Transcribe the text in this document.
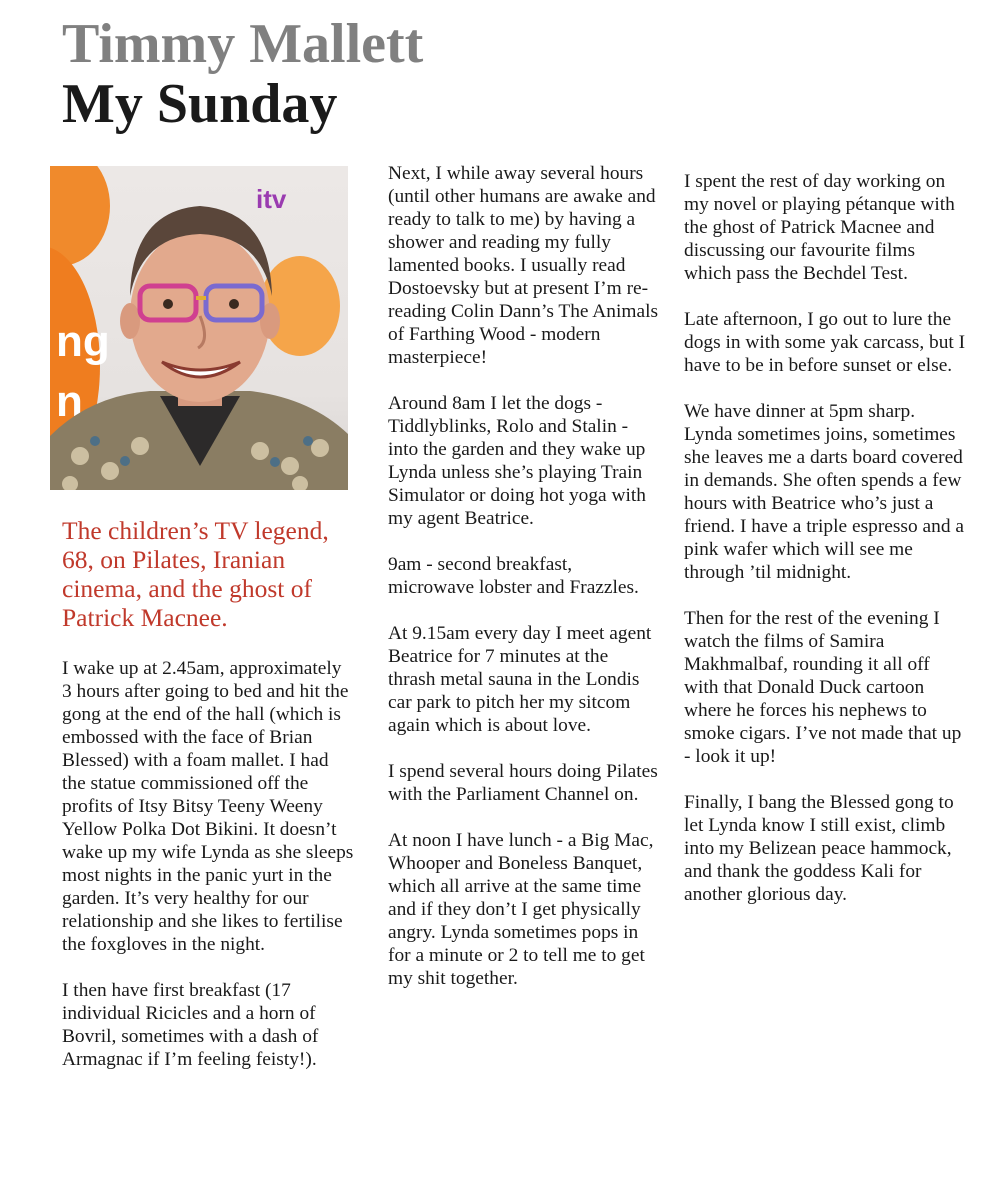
Timmy Mallett
My Sunday
ng
n
itv

The children’s TV legend, 68, on Pilates, Iranian cinema, and the ghost of Patrick Macnee.

I wake up at 2.45am, approximately 3 hours after going to bed and hit the gong at the end of the hall (which is embossed with the face of Brian Blessed) with a foam mallet. I had the statue commissioned off the profits of Itsy Bitsy Teeny Weeny Yellow Polka Dot Bikini. It doesn’t wake up my wife Lynda as she sleeps most nights in the panic yurt in the garden. It’s very healthy for our relationship and she likes to fertilise the foxgloves in the night.

I then have first breakfast (17 individual Ricicles and a horn of Bovril, sometimes with a dash of Armagnac if I’m feeling feisty!).

Next, I while away several hours (until other humans are awake and ready to talk to me) by having a shower and reading my fully lamented books. I usually read Dostoevsky but at present I’m re-reading Colin Dann’s The Animals of Farthing Wood - modern masterpiece!

Around 8am I let the dogs - Tiddlyblinks, Rolo and Stalin - into the garden and they wake up Lynda unless she’s playing Train Simulator or doing hot yoga with my agent Beatrice.

9am - second breakfast, microwave lobster and Frazzles.

At 9.15am every day I meet agent Beatrice for 7 minutes at the thrash metal sauna in the Londis car park to pitch her my sitcom again which is about love.

I spend several hours doing Pilates with the Parliament Channel on.

At noon I have lunch - a Big Mac, Whooper and Boneless Banquet, which all arrive at the same time and if they don’t I get physically angry. Lynda sometimes pops in for a minute or 2 to tell me to get my shit together.

I spent the rest of day working on my novel or playing pétanque with the ghost of Patrick Macnee and discussing our favourite films which pass the Bechdel Test.

Late afternoon, I go out to lure the dogs in with some yak carcass, but I have to be in before sunset or else.

We have dinner at 5pm sharp. Lynda sometimes joins, sometimes she leaves me a darts board covered in demands. She often spends a few hours with Beatrice who’s just a friend. I have a triple espresso and a pink wafer which will see me through ’til midnight.

Then for the rest of the evening I watch the films of Samira Makhmalbaf, rounding it all off with that Donald Duck cartoon where he forces his nephews to smoke cigars. I’ve not made that up - look it up!

Finally, I bang the Blessed gong to let Lynda know I still exist, climb into my Belizean peace hammock, and thank the goddess Kali for another glorious day.
